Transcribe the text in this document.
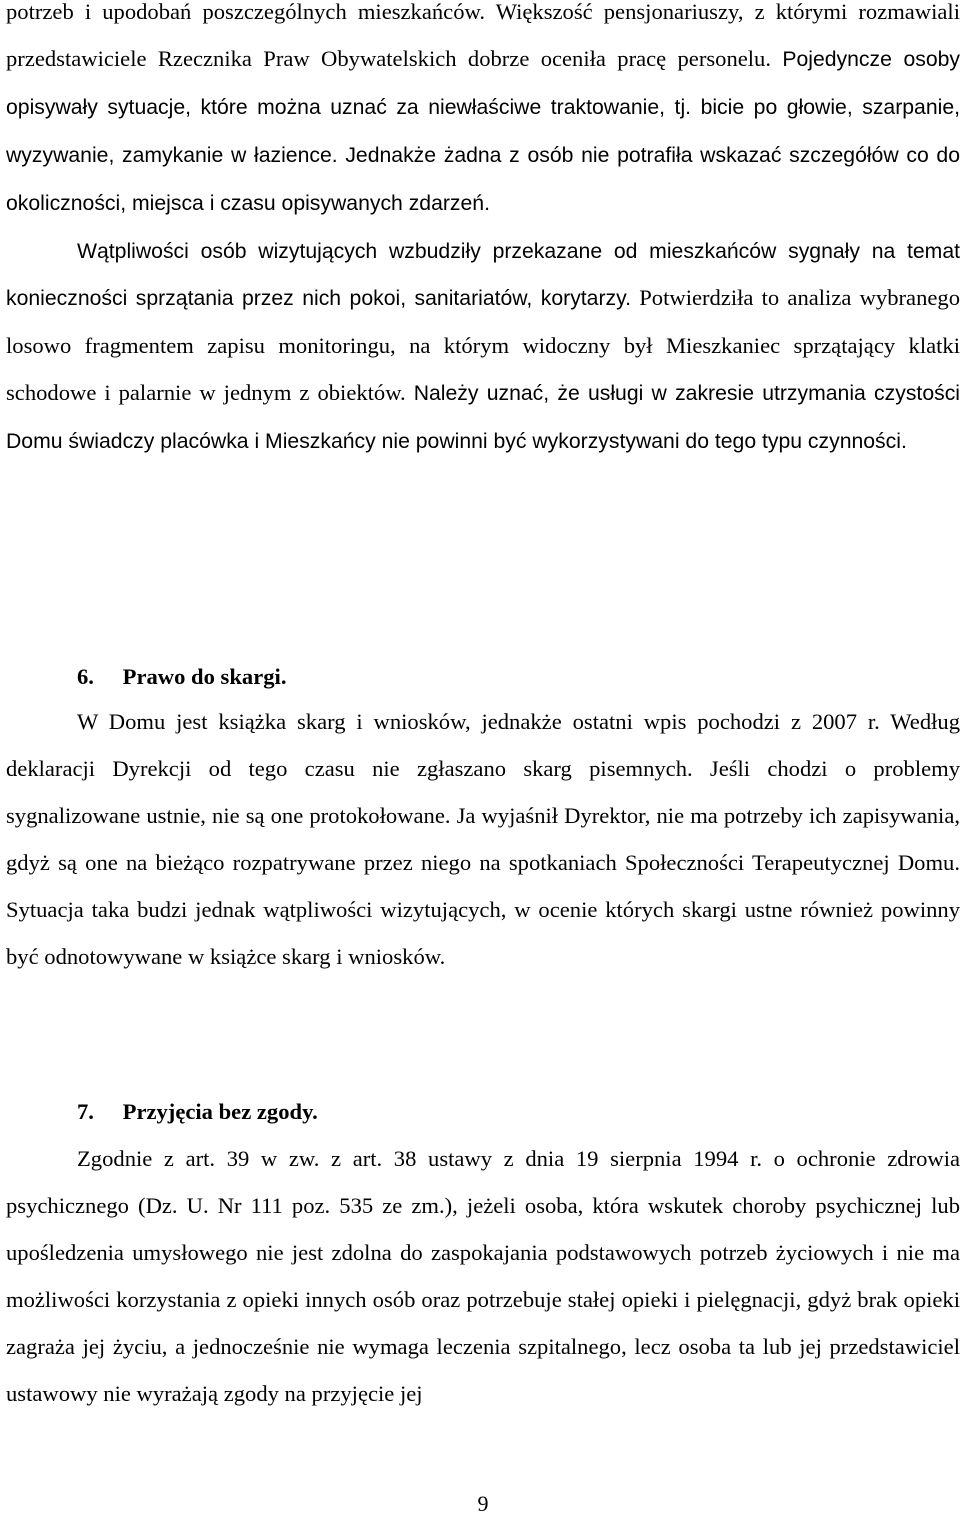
potrzeb i upodobań poszczególnych mieszkańców. Większość pensjonariuszy, z którymi rozmawiali przedstawiciele Rzecznika Praw Obywatelskich dobrze oceniła pracę personelu. Pojedyncze osoby opisywały sytuacje, które można uznać za niewłaściwe traktowanie, tj. bicie po głowie, szarpanie, wyzywanie, zamykanie w łazience. Jednakże żadna z osób nie potrafiła wskazać szczegółów co do okoliczności, miejsca i czasu opisywanych zdarzeń.

Wątpliwości osób wizytujących wzbudziły przekazane od mieszkańców sygnały na temat konieczności sprzątania przez nich pokoi, sanitariatów, korytarzy. Potwierdziła to analiza wybranego losowo fragmentem zapisu monitoringu, na którym widoczny był Mieszkaniec sprzątający klatki schodowe i palarnie w jednym z obiektów. Należy uznać, że usługi w zakresie utrzymania czystości Domu świadczy placówka i Mieszkańcy nie powinni być wykorzystywani do tego typu czynności.

6. Prawo do skargi.

W Domu jest książka skarg i wniosków, jednakże ostatni wpis pochodzi z 2007 r. Według deklaracji Dyrekcji od tego czasu nie zgłaszano skarg pisemnych. Jeśli chodzi o problemy sygnalizowane ustnie, nie są one protokołowane. Ja wyjaśnił Dyrektor, nie ma potrzeby ich zapisywania, gdyż są one na bieżąco rozpatrywane przez niego na spotkaniach Społeczności Terapeutycznej Domu. Sytuacja taka budzi jednak wątpliwości wizytujących, w ocenie których skargi ustne również powinny być odnotowywane w książce skarg i wniosków.

7. Przyjęcia bez zgody.

Zgodnie z art. 39 w zw. z art. 38 ustawy z dnia 19 sierpnia 1994 r. o ochronie zdrowia psychicznego (Dz. U. Nr 111 poz. 535 ze zm.), jeżeli osoba, która wskutek choroby psychicznej lub upośledzenia umysłowego nie jest zdolna do zaspokajania podstawowych potrzeb życiowych i nie ma możliwości korzystania z opieki innych osób oraz potrzebuje stałej opieki i pielęgnacji, gdyż brak opieki zagraża jej życiu, a jednocześnie nie wymaga leczenia szpitalnego, lecz osoba ta lub jej przedstawiciel ustawowy nie wyrażają zgody na przyjęcie jej

9
